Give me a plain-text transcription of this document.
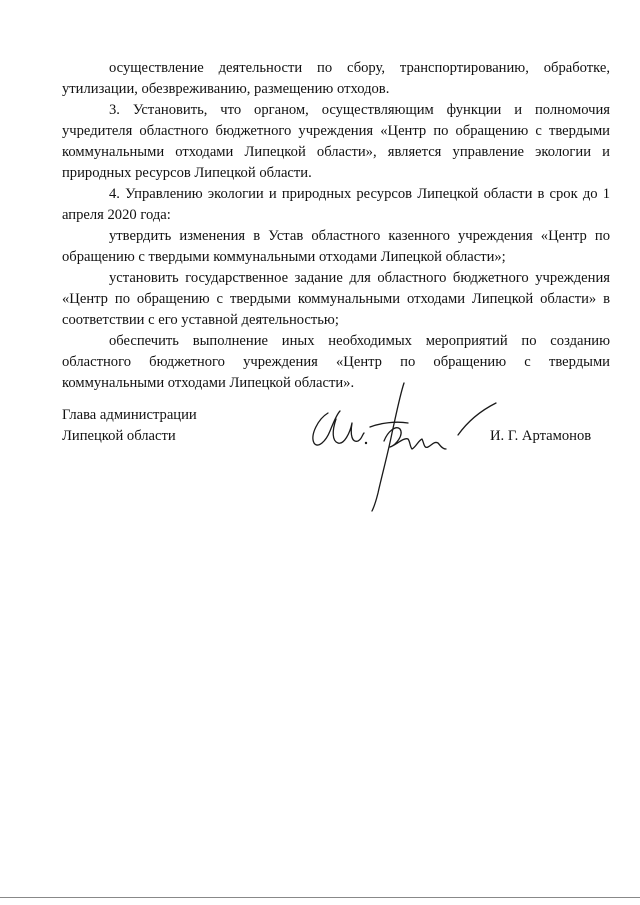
осуществление деятельности по сбору, транспортированию, обработке, утилизации, обезвреживанию, размещению отходов.

3. Установить, что органом, осуществляющим функции и полномочия учредителя областного бюджетного учреждения «Центр по обращению с твердыми коммунальными отходами Липецкой области», является управление экологии и природных ресурсов Липецкой области.

4. Управлению экологии и природных ресурсов Липецкой области в срок до 1 апреля 2020 года:

утвердить изменения в Устав областного казенного учреждения «Центр по обращению с твердыми коммунальными отходами Липецкой области»;

установить государственное задание для областного бюджетного учреждения «Центр по обращению с твердыми коммунальными отходами Липецкой области» в соответствии с его уставной деятельностью;

обеспечить выполнение иных необходимых мероприятий по созданию областного бюджетного учреждения «Центр по обращению с твердыми коммунальными отходами Липецкой области».

Глава администрации
Липецкой области	И. Г. Артамонов
